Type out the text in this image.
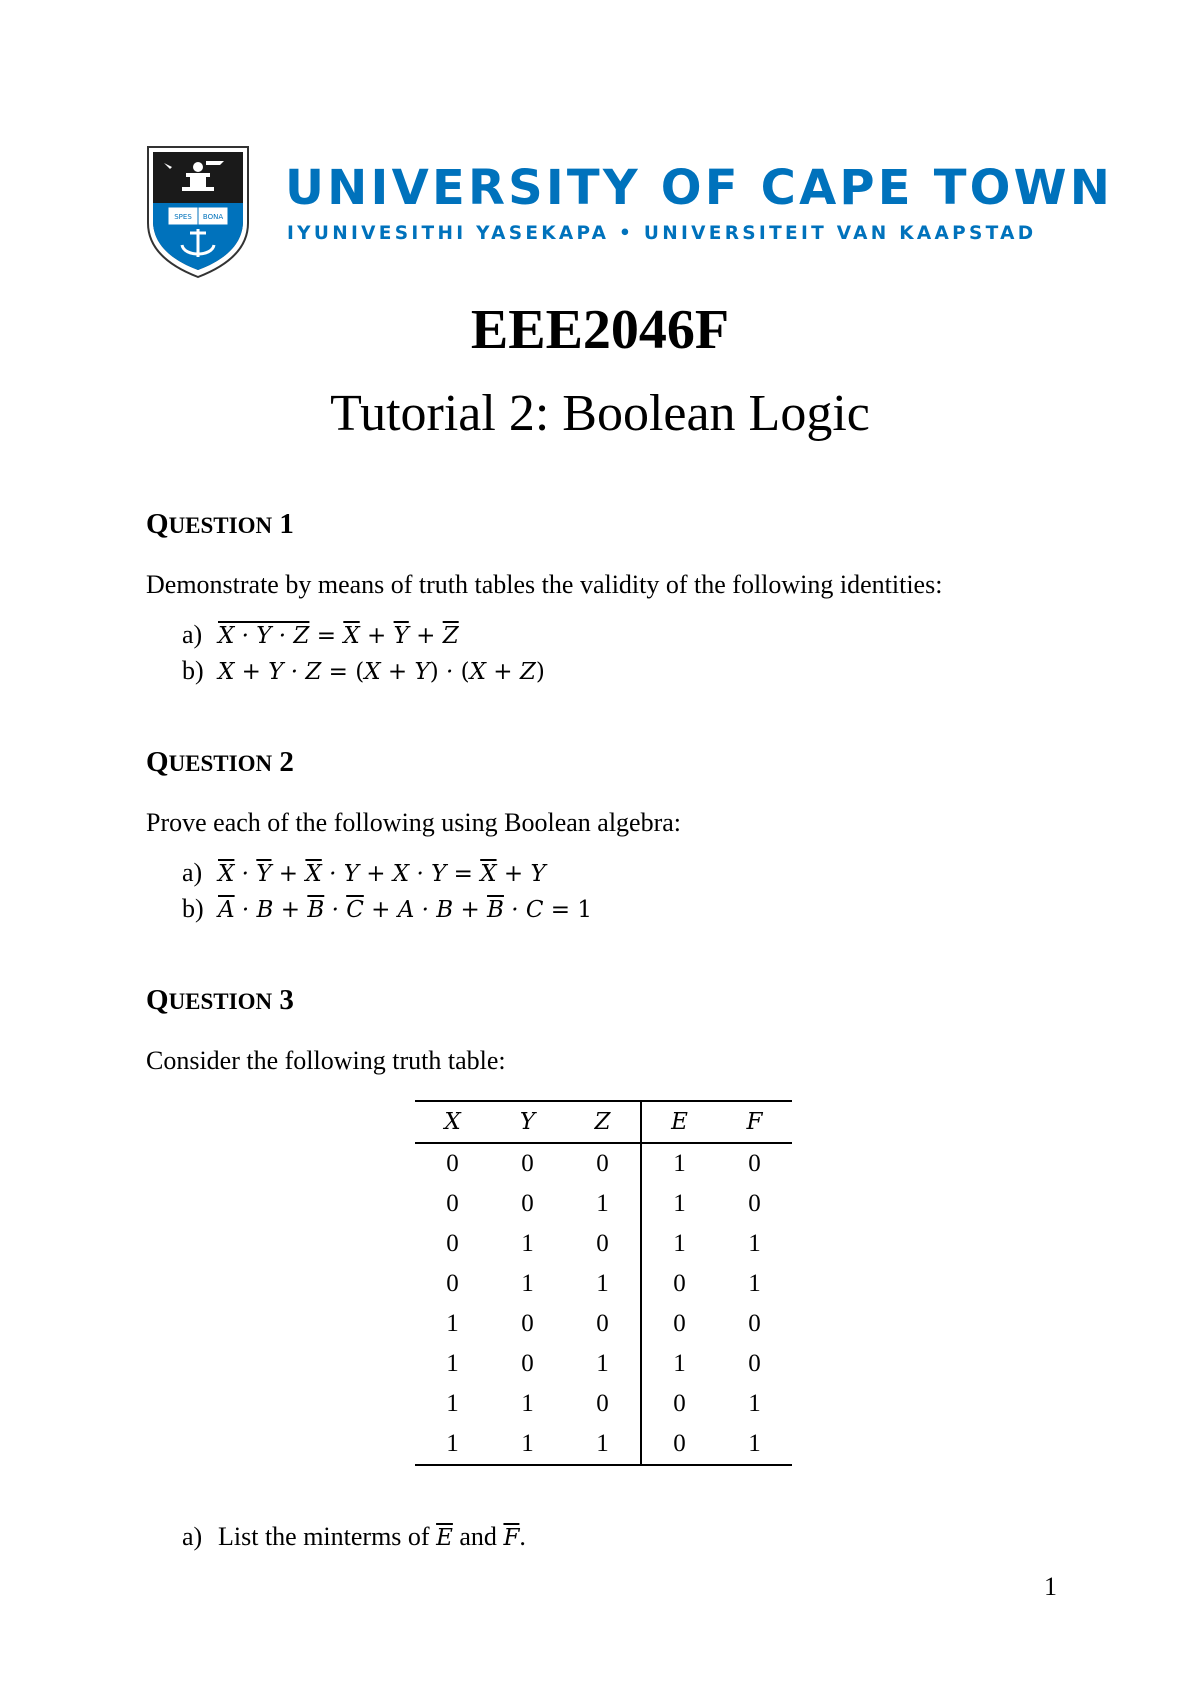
SPES BONA
UNIVERSITY OF CAPE TOWN
IYUNIVESITHI YASEKAPA • UNIVERSITEIT VAN KAAPSTAD
EEE2046F
Tutorial 2: Boolean Logic
QUESTION 1
Demonstrate by means of truth tables the validity of the following identities:
a) $X \cdot Y \cdot Z = \overline{X} + \overline{Y} + \overline{Z}$
b) X + Y · Z = (X + Y) · (X + Z)
QUESTION 2
Prove each of the following using Boolean algebra:
a) $\overline{X} \cdot \overline{Y} + \overline{X} \cdot Y + X \cdot Y = \overline{X} + Y$
b) $\overline{A} \cdot B + \overline{B} \cdot \overline{C} + A \cdot B + \overline{B} \cdot C = 1$
QUESTION 3
Consider the following truth table:
X	Y	Z	E	F
0	0	0	1	0
0	0	1	1	0
0	1	0	1	1
0	1	1	0	1
1	0	0	0	0
1	0	1	1	0
1	1	0	0	1
1	1	1	0	1
a) List the minterms of $\overline{E}$ and $\overline{F}$.
1
